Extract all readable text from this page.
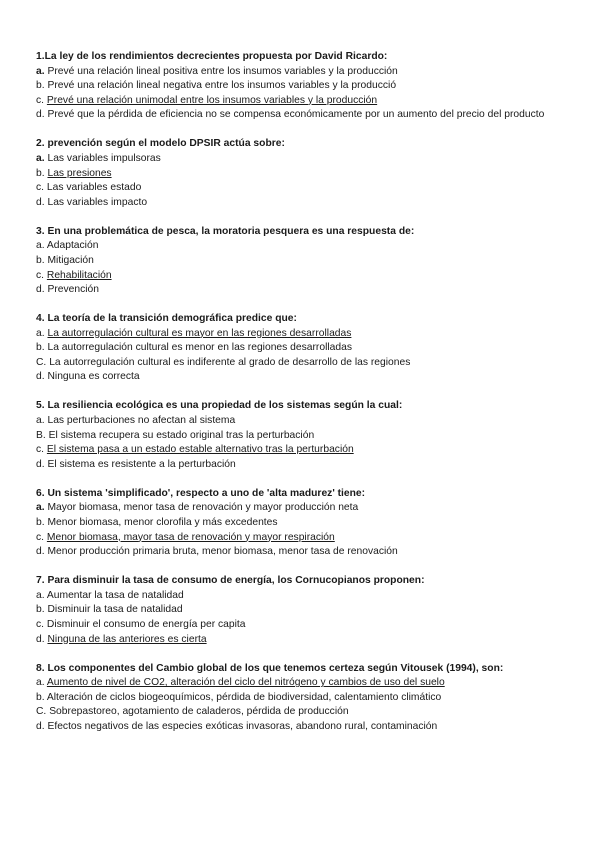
1.La ley de los rendimientos decrecientes propuesta por David Ricardo:
a. Prevé una relación lineal positiva entre los insumos variables y la producción
b. Prevé una relación lineal negativa entre los insumos variables y la producció
c. Prevé una relación unimodal entre los insumos variables y la producción
d. Prevé que la pérdida de eficiencia no se compensa económicamente por un aumento del precio del producto
2. prevención según el modelo DPSIR actúa sobre:
a. Las variables impulsoras
b. Las presiones
c. Las variables estado
d. Las variables impacto
3. En una problemática de pesca, la moratoria pesquera es una respuesta de:
a. Adaptación
b. Mitigación
c. Rehabilitación
d. Prevención
4. La teoría de la transición demográfica predice que:
a. La autorregulación cultural es mayor en las regiones desarrolladas
b. La autorregulación cultural es menor en las regiones desarrolladas
C. La autorregulación cultural es indiferente al grado de desarrollo de las regiones
d. Ninguna es correcta
5. La resiliencia ecológica es una propiedad de los sistemas según la cual:
a. Las perturbaciones no afectan al sistema
B. El sistema recupera su estado original tras la perturbación
c. El sistema pasa a un estado estable alternativo tras la perturbación
d. El sistema es resistente a la perturbación
6. Un sistema 'simplificado', respecto a uno de 'alta madurez' tiene:
a. Mayor biomasa, menor tasa de renovación y mayor producción neta
b. Menor biomasa, menor clorofila y más excedentes
c. Menor biomasa, mayor tasa de renovación y mayor respiración
d. Menor producción primaria bruta, menor biomasa, menor tasa de renovación
7. Para disminuir la tasa de consumo de energía, los Cornucopianos proponen:
a. Aumentar la tasa de natalidad
b. Disminuir la tasa de natalidad
c. Disminuir el consumo de energía per capita
d. Ninguna de las anteriores es cierta
8. Los componentes del Cambio global de los que tenemos certeza según Vitousek (1994), son:
a. Aumento de nivel de CO2, alteración del ciclo del nitrógeno y cambios de uso del suelo
b. Alteración de ciclos biogeoquímicos, pérdida de biodiversidad, calentamiento climático
C. Sobrepastoreo, agotamiento de caladeros, pérdida de producción
d. Efectos negativos de las especies exóticas invasoras, abandono rural, contaminación
